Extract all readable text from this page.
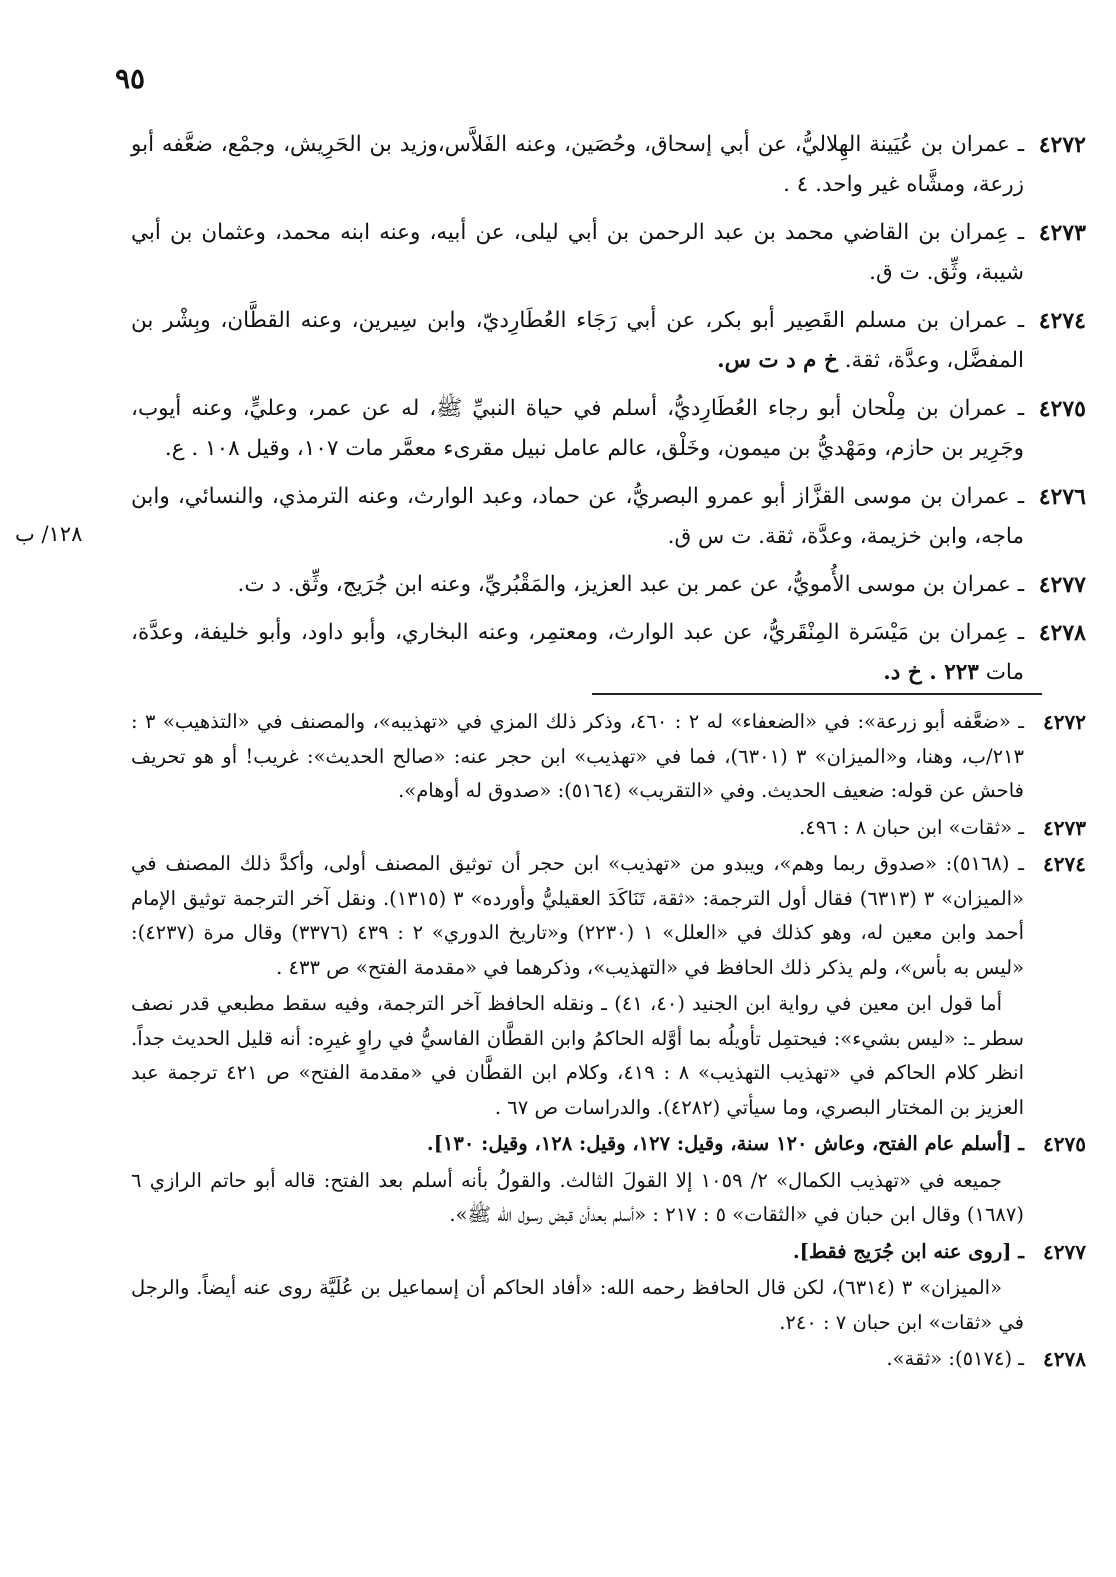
٩٥
٤٢٧٢
ـ عمران بن عُيَينة الهِلاليُّ، عن أبي إسحاق، وحُصَين، وعنه الفَلاَّس،وزيد بن الحَرِيش، وجمْع، ضعَّفه أبو زرعة، ومشَّاه غير واحد. ٤ .
٤٢٧٣
ـ عِمران بن القاضي محمد بن عبد الرحمن بن أبي ليلى، عن أبيه، وعنه ابنه محمد، وعثمان بن أبي شيبة، وثِّق. ت ق.
٤٢٧٤
ـ عمران بن مسلم القَصِير أبو بكر، عن أبي رَجَاء العُطَارِديّ، وابن سِيرين، وعنه القطَّان، وبِشْر بن المفضَّل، وعدَّة، ثقة. خ م د ت س.
٤٢٧٥
ـ عمران بن مِلْحان أبو رجاء العُطَارِديُّ، أسلم في حياة النبيِّ ﷺ، له عن عمر، وعليٍّ، وعنه أيوب، وجَرِير بن حازم، ومَهْديُّ بن ميمون، وخَلْق، عالم عامل نبيل مقرىء معمَّر مات ١٠٧، وقيل ١٠٨ . ع.
٤٢٧٦
ـ عمران بن موسى القزَّاز أبو عمرو البصريُّ، عن حماد، وعبد الوارث، وعنه الترمذي، والنسائي، وابن ماجه، وابن خزيمة، وعدَّة، ثقة. ت س ق.
٤٢٧٧
ـ عمران بن موسى الأُمويُّ، عن عمر بن عبد العزيز، والمَقْبُريِّ، وعنه ابن جُرَيج، وثِّق. د ت.
٤٢٧٨
ـ عِمران بن مَيْسَرة المِنْقَريُّ، عن عبد الوارث، ومعتمِر، وعنه البخاري، وأبو داود، وأبو خليفة، وعدَّة، مات ٢٢٣ . خ د.
١٢٨/ ب
٤٢٧٢
ـ «ضعَّفه أبو زرعة»: في «الضعفاء» له ٢ : ٤٦٠، وذكر ذلك المزي في «تهذيبه»، والمصنف في «التذهيب» ٣ : ٢١٣/ب، وهنا، و«الميزان» ٣ (٦٣٠١)، فما في «تهذيب» ابن حجر عنه: «صالح الحديث»: غريب! أو هو تحريف فاحش عن قوله: ضعيف الحديث. وفي «التقريب» (٥١٦٤): «صدوق له أوهام».
٤٢٧٣
ـ «ثقات» ابن حبان ٨ : ٤٩٦.
٤٢٧٤
ـ (٥١٦٨): «صدوق ربما وهم»، ويبدو من «تهذيب» ابن حجر أن توثيق المصنف أولى، وأكدَّ ذلك المصنف في «الميزان» ٣ (٦٣١٣) فقال أول الترجمة: «ثقة، تَنَاكَدَ العقيليُّ وأورده» ٣ (١٣١٥). ونقل آخر الترجمة توثيق الإمام أحمد وابن معين له، وهو كذلك في «العلل» ١ (٢٢٣٠) و«تاريخ الدوري» ٢ : ٤٣٩ (٣٣٧٦) وقال مرة (٤٢٣٧): «ليس به بأس»، ولم يذكر ذلك الحافظ في «التهذيب»، وذكرهما في «مقدمة الفتح» ص ٤٣٣ .
أما قول ابن معين في رواية ابن الجنيد (٤٠، ٤١) ـ ونقله الحافظ آخر الترجمة، وفيه سقط مطبعي قدر نصف سطر ـ: «ليس بشيء»: فيحتمِل تأويلُه بما أوَّله الحاكمُ وابن القطَّان الفاسيُّ في راوٍ غيرِه: أنه قليل الحديث جداً. انظر كلام الحاكم في «تهذيب التهذيب» ٨ : ٤١٩، وكلام ابن القطَّان في «مقدمة الفتح» ص ٤٢١ ترجمة عبد العزيز بن المختار البصري، وما سيأتي (٤٢٨٢). والدراسات ص ٦٧ .
٤٢٧٥
ـ [أسلم عام الفتح، وعاش ١٢٠ سنة، وقيل: ١٢٧، وقيل: ١٢٨، وقيل: ١٣٠].
جميعه في «تهذيب الكمال» ٢/ ١٠٥٩ إلا القولَ الثالث. والقولُ بأنه أسلم بعد الفتح: قاله أبو حاتم الرازي ٦ (١٦٨٧) وقال ابن حبان في «الثقات» ٥ : ٢١٧ : «أسلم بعدأن قبض رسول الله ﷺ».
٤٢٧٧
ـ [روى عنه ابن جُرَيج فقط].
«الميزان» ٣ (٦٣١٤)، لكن قال الحافظ رحمه الله: «أفاد الحاكم أن إسماعيل بن عُلَيَّة روى عنه أيضاً. والرجل في «ثقات» ابن حبان ٧ : ٢٤٠.
٤٢٧٨
ـ (٥١٧٤): «ثقة».
